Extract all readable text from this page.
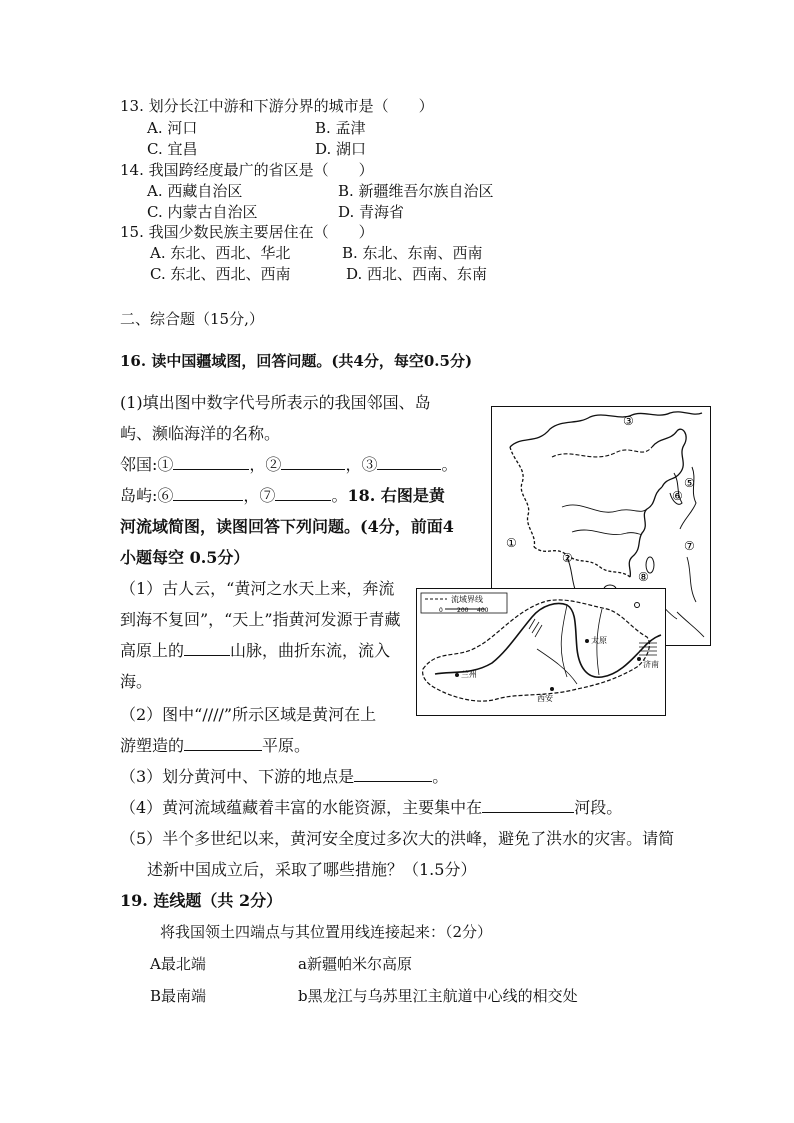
13. 划分长江中游和下游分界的城市是（　　）
A. 河口	B. 孟津
C. 宜昌	D. 湖口
14. 我国跨经度最广的省区是（　　）
A. 西藏自治区	B. 新疆维吾尔族自治区
C. 内蒙古自治区	D. 青海省
15. 我国少数民族主要居住在（　　）
A. 东北、西北、华北	B. 东北、东南、西南
C. 东北、西北、西南	D. 西北、西南、东南
二、综合题（15分,）
16. 读中国疆域图，回答问题。(共4分，每空0.5分)
(1)填出图中数字代号所表示的我国邻国、岛
屿、濒临海洋的名称。
邻国:①	，②	，③	。
岛屿:⑥	，⑦	。18. 右图是黄
河流域简图，读图回答下列问题。(4分，前面4
小题每空 0.5分）
（1）古人云，“黄河之水天上来，奔流
到海不复回”，“天上”指黄河发源于青藏
高原上的	山脉，曲折东流，流入
海。
（2）图中“////”所示区域是黄河在上
游塑造的	平原。
（3）划分黄河中、下游的地点是	。
（4）黄河流域蕴藏着丰富的水能资源，主要集中在	河段。
（5）半个多世纪以来，黄河安全度过多次大的洪峰，避免了洪水的灾害。请简
述新中国成立后，采取了哪些措施？（1.5分）
19. 连线题（共 2分）
将我国领土四端点与其位置用线连接起来：（2分）
A最北端	a新疆帕米尔高原
B最南端	b黑龙江与乌苏里江主航道中心线的相交处
③
⑤
⑥
⑦
①
②
⑧
流域界线
0 200 400
兰州
太原
西安
济南
